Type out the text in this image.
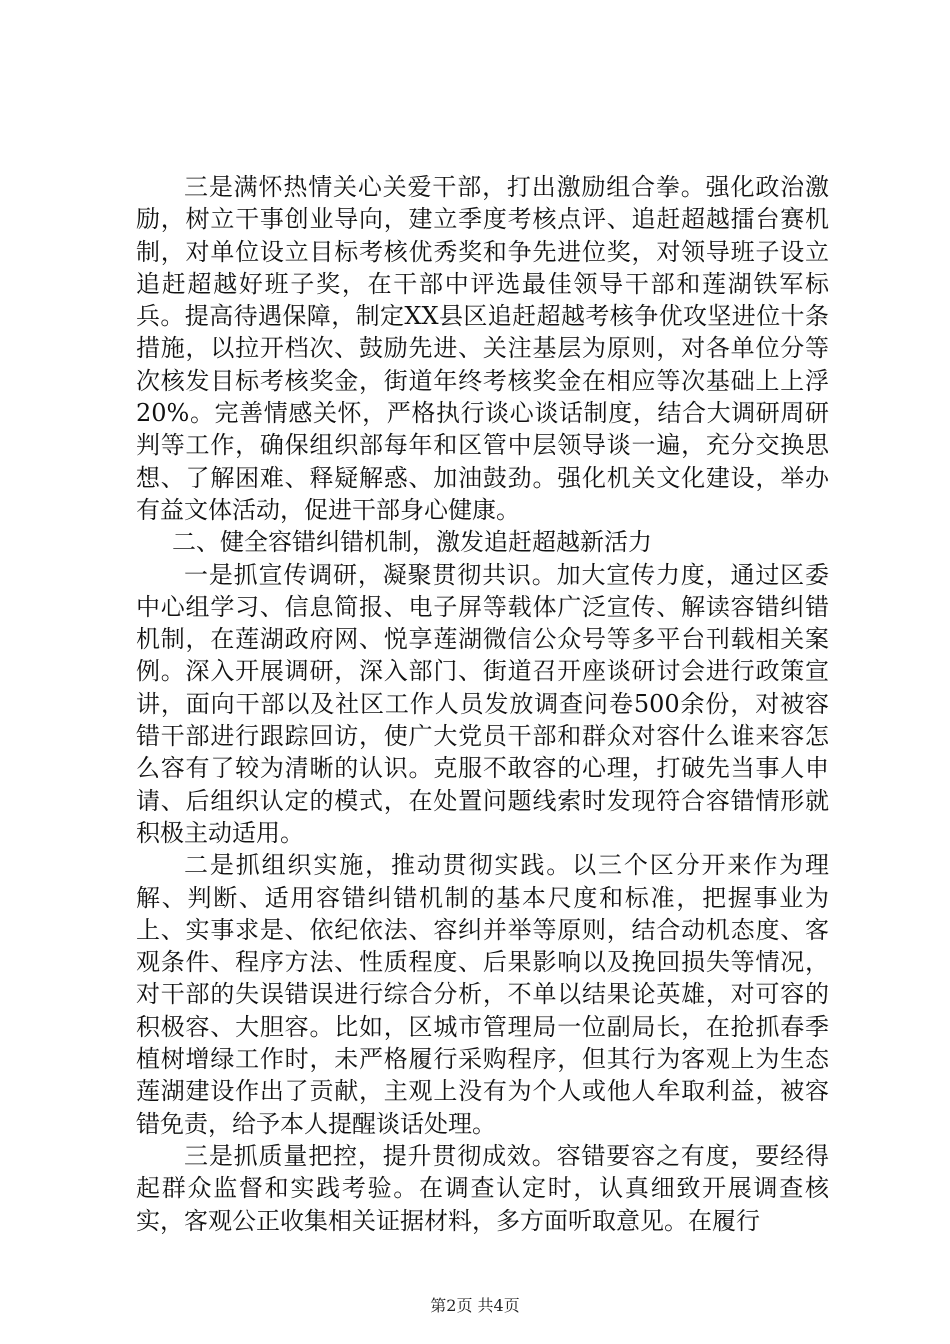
三是满怀热情关心关爱干部，打出激励组合拳。强化政治激励，树立干事创业导向，建立季度考核点评、追赶超越擂台赛机制，对单位设立目标考核优秀奖和争先进位奖，对领导班子设立追赶超越好班子奖，在干部中评选最佳领导干部和莲湖铁军标兵。提高待遇保障，制定XX县区追赶超越考核争优攻坚进位十条措施，以拉开档次、鼓励先进、关注基层为原则，对各单位分等次核发目标考核奖金，街道年终考核奖金在相应等次基础上上浮20%。完善情感关怀，严格执行谈心谈话制度，结合大调研周研判等工作，确保组织部每年和区管中层领导谈一遍，充分交换思想、了解困难、释疑解惑、加油鼓劲。强化机关文化建设，举办有益文体活动，促进干部身心健康。

二、健全容错纠错机制，激发追赶超越新活力

一是抓宣传调研，凝聚贯彻共识。加大宣传力度，通过区委中心组学习、信息简报、电子屏等载体广泛宣传、解读容错纠错机制，在莲湖政府网、悦享莲湖微信公众号等多平台刊载相关案例。深入开展调研，深入部门、街道召开座谈研讨会进行政策宣讲，面向干部以及社区工作人员发放调查问卷500余份，对被容错干部进行跟踪回访，使广大党员干部和群众对容什么谁来容怎么容有了较为清晰的认识。克服不敢容的心理，打破先当事人申请、后组织认定的模式，在处置问题线索时发现符合容错情形就积极主动适用。

二是抓组织实施，推动贯彻实践。以三个区分开来作为理解、判断、适用容错纠错机制的基本尺度和标准，把握事业为上、实事求是、依纪依法、容纠并举等原则，结合动机态度、客观条件、程序方法、性质程度、后果影响以及挽回损失等情况，对干部的失误错误进行综合分析，不单以结果论英雄，对可容的积极容、大胆容。比如，区城市管理局一位副局长，在抢抓春季植树增绿工作时，未严格履行采购程序，但其行为客观上为生态莲湖建设作出了贡献，主观上没有为个人或他人牟取利益，被容错免责，给予本人提醒谈话处理。

三是抓质量把控，提升贯彻成效。容错要容之有度，要经得起群众监督和实践考验。在调查认定时，认真细致开展调查核实，客观公正收集相关证据材料，多方面听取意见。在履行

第2页 共4页
